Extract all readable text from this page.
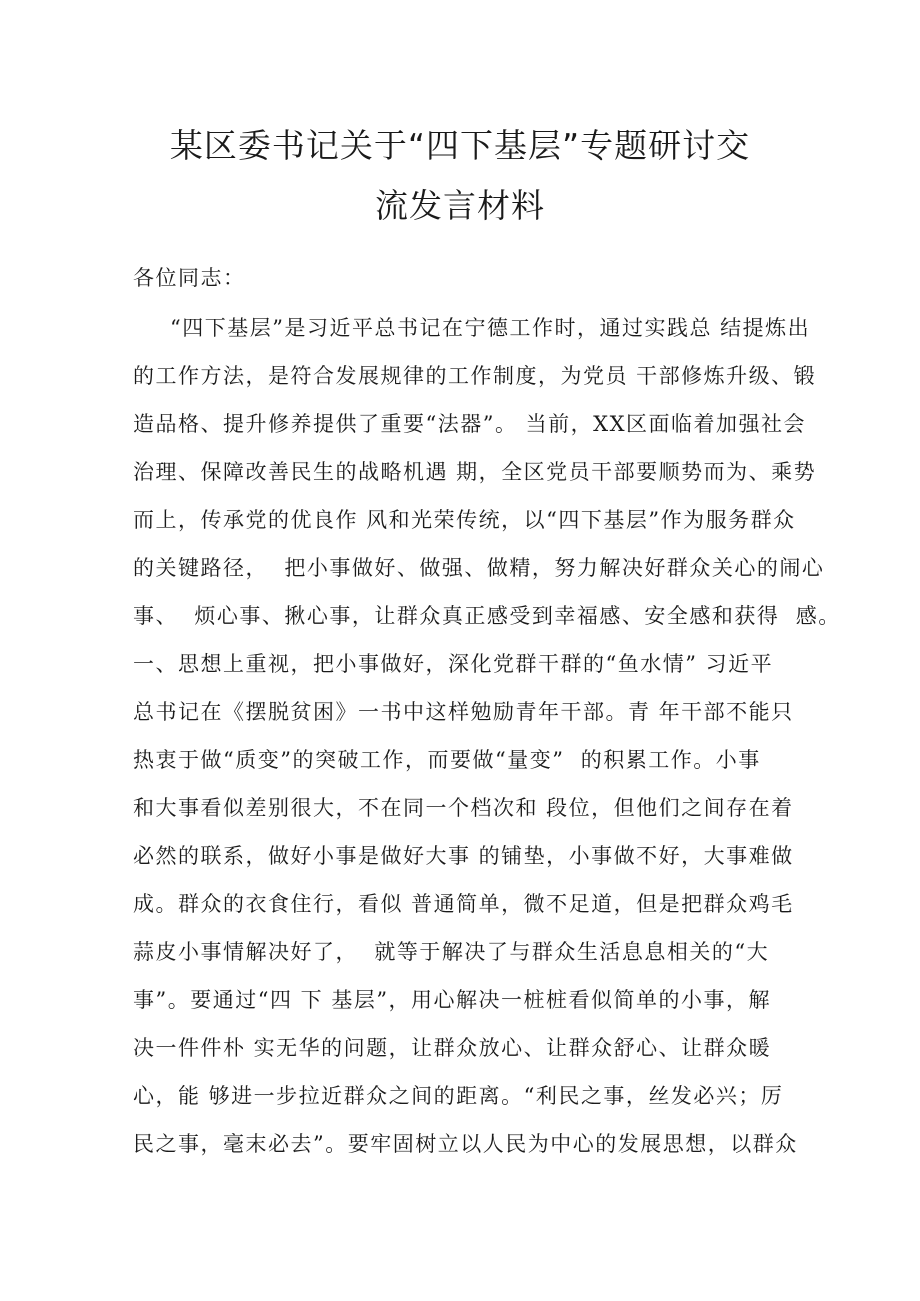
某区委书记关于“四下基层”专题研讨交
流发言材料
各位同志：
“四下基层”是习近平总书记在宁德工作时，通过实践总 结提炼出
的工作方法，是符合发展规律的工作制度，为党员 干部修炼升级、锻
造品格、提升修养提供了重要“法器”。 当前，XX区面临着加强社会
治理、保障改善民生的战略机遇 期，全区党员干部要顺势而为、乘势
而上，传承党的优良作 风和光荣传统，以“四下基层”作为服务群众
的关键路径，  把小事做好、做强、做精，努力解决好群众关心的闹心
事、  烦心事、揪心事，让群众真正感受到幸福感、安全感和获得  感。
一、思想上重视，把小事做好，深化党群干群的“鱼水情” 习近平
总书记在《摆脱贫困》一书中这样勉励青年干部。青 年干部不能只
热衷于做“质变”的突破工作，而要做“量变”  的积累工作。小事
和大事看似差别很大，不在同一个档次和 段位，但他们之间存在着
必然的联系，做好小事是做好大事 的铺垫，小事做不好，大事难做
成。群众的衣食住行，看似 普通简单，微不足道，但是把群众鸡毛
蒜皮小事情解决好了，  就等于解决了与群众生活息息相关的“大
事”。要通过“四 下 基层”，用心解决一桩桩看似简单的小事，解
决一件件朴 实无华的问题，让群众放心、让群众舒心、让群众暖
心，能 够进一步拉近群众之间的距离。“利民之事，丝发必兴；厉
民之事，毫末必去”。要牢固树立以人民为中心的发展思想，以群众
